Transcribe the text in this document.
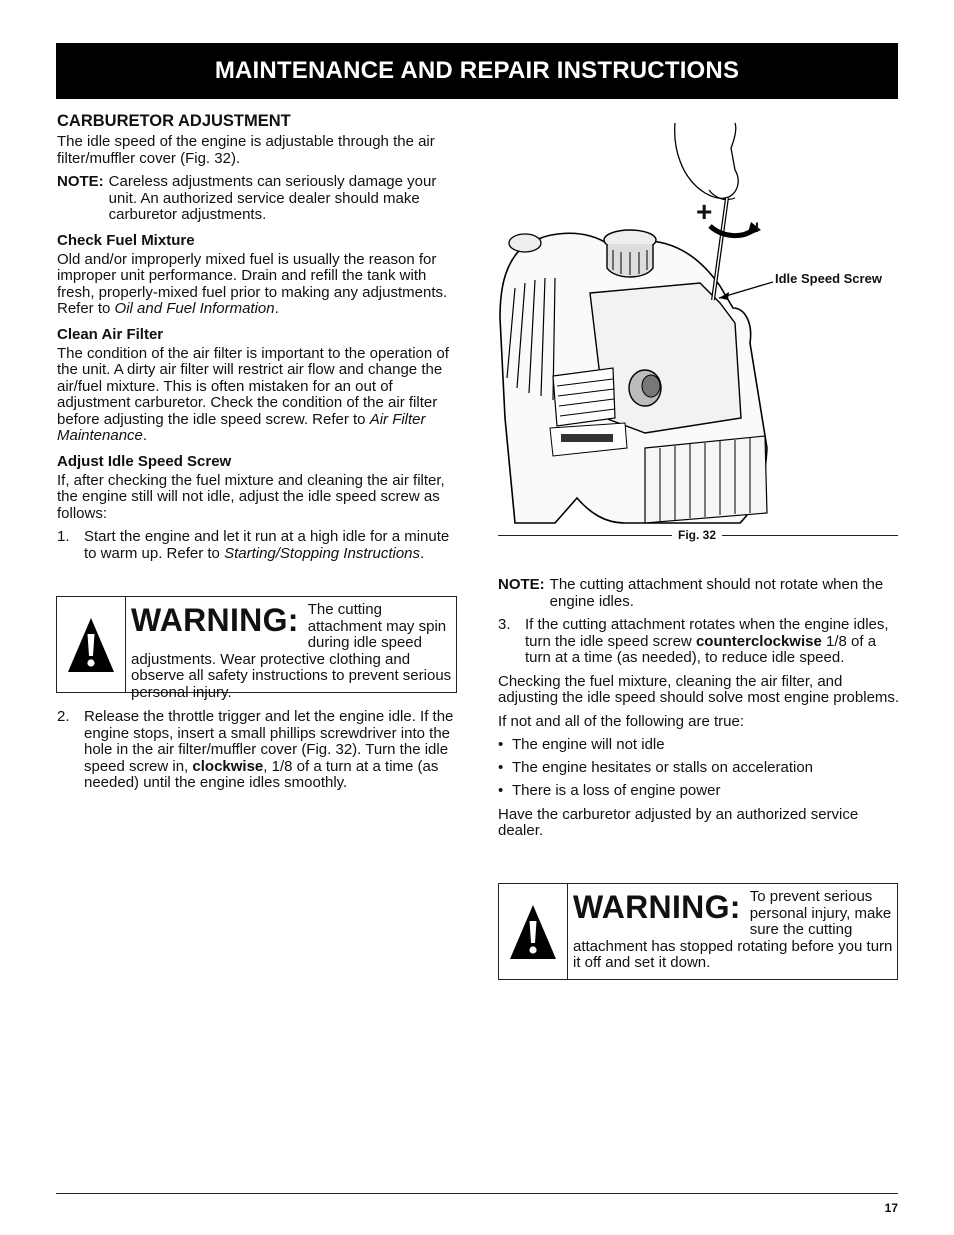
MAINTENANCE AND REPAIR INSTRUCTIONS
CARBURETOR ADJUSTMENT

The idle speed of the engine is adjustable through the air filter/muffler cover (Fig. 32).

NOTE: Careless adjustments can seriously damage your unit. An authorized service dealer should make carburetor adjustments.
Check Fuel Mixture

Old and/or improperly mixed fuel is usually the reason for improper unit performance. Drain and refill the tank with fresh, properly-mixed fuel prior to making any adjustments. Refer to Oil and Fuel Information.

Clean Air Filter

The condition of the air filter is important to the operation of the unit. A dirty air filter will restrict air flow and change the air/fuel mixture. This is often mistaken for an out of adjustment carburetor. Check the condition of the air filter before adjusting the idle speed screw. Refer to Air Filter Maintenance.

Adjust Idle Speed Screw

If, after checking the fuel mixture and cleaning the air filter, the engine still will not idle, adjust the idle speed screw as follows:

1. Start the engine and let it run at a high idle for a minute to warm up. Refer to Starting/Stopping Instructions.
WARNING: The cutting attachment may spin during idle speed adjustments. Wear protective clothing and observe all safety instructions to prevent serious personal injury.
2. Release the throttle trigger and let the engine idle. If the engine stops, insert a small phillips screwdriver into the hole in the air filter/muffler cover (Fig. 32). Turn the idle speed screw in, clockwise, 1/8 of a turn at a time (as needed) until the engine idles smoothly.
+	I
Idle Speed Screw
Fig. 32
NOTE: The cutting attachment should not rotate when the engine idles.
3. If the cutting attachment rotates when the engine idles, turn the idle speed screw counterclockwise 1/8 of a turn at a time (as needed), to reduce idle speed.

Checking the fuel mixture, cleaning the air filter, and adjusting the idle speed should solve most engine problems.

If not and all of the following are true:

• The engine will not idle
• The engine hesitates or stalls on acceleration
• There is a loss of engine power

Have the carburetor adjusted by an authorized service dealer.

WARNING: To prevent serious personal injury, make sure the cutting attachment has stopped rotating before you turn it off and set it down.
17
